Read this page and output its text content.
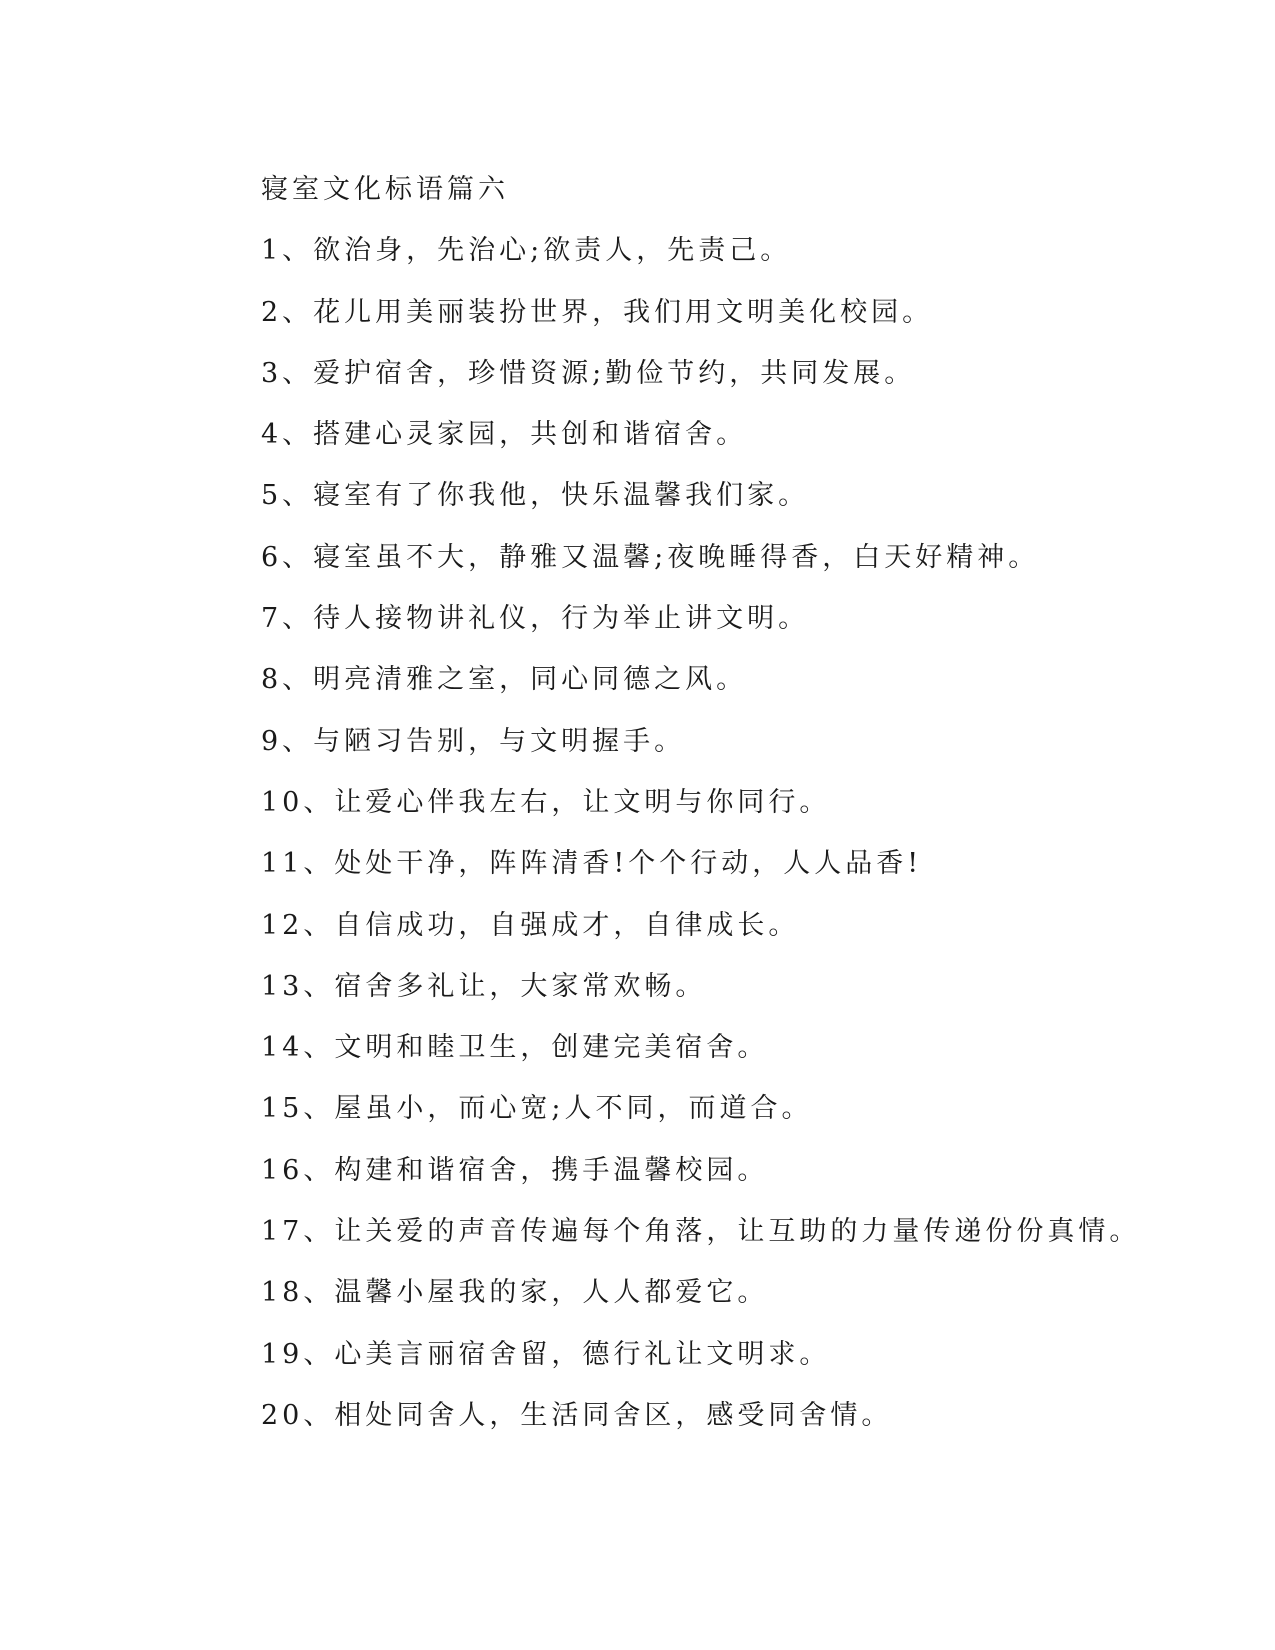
寝室文化标语篇六
1、欲治身，先治心;欲责人，先责己。
2、花儿用美丽装扮世界，我们用文明美化校园。
3、爱护宿舍，珍惜资源;勤俭节约，共同发展。
4、搭建心灵家园，共创和谐宿舍。
5、寝室有了你我他，快乐温馨我们家。
6、寝室虽不大，静雅又温馨;夜晚睡得香，白天好精神。
7、待人接物讲礼仪，行为举止讲文明。
8、明亮清雅之室，同心同德之风。
9、与陋习告别，与文明握手。
10、让爱心伴我左右，让文明与你同行。
11、处处干净，阵阵清香!个个行动，人人品香!
12、自信成功，自强成才，自律成长。
13、宿舍多礼让，大家常欢畅。
14、文明和睦卫生，创建完美宿舍。
15、屋虽小，而心宽;人不同，而道合。
16、构建和谐宿舍，携手温馨校园。
17、让关爱的声音传遍每个角落，让互助的力量传递份份真情。
18、温馨小屋我的家，人人都爱它。
19、心美言丽宿舍留，德行礼让文明求。
20、相处同舍人，生活同舍区，感受同舍情。
